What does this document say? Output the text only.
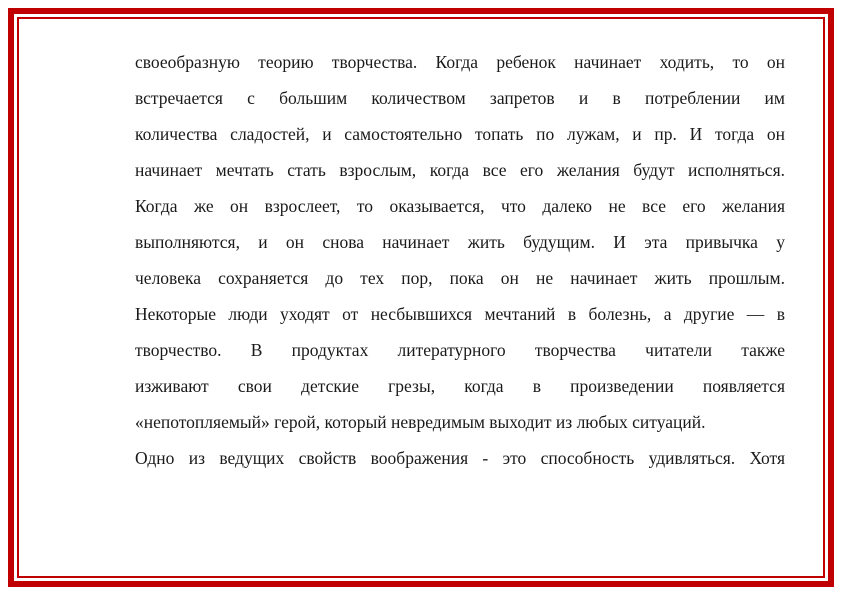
своеобразную теорию творчества. Когда ребенок начинает ходить, то он
встречается с большим количеством запретов и в потреблении им
количества сладостей, и самостоятельно топать по лужам, и пр. И тогда он
начинает мечтать стать взрослым, когда все его желания будут исполняться.
Когда же он взрослеет, то оказывается, что далеко не все его желания
выполняются, и он снова начинает жить будущим. И эта привычка у
человека сохраняется до тех пор, пока он не начинает жить прошлым.
Некоторые люди уходят от несбывшихся мечтаний в болезнь, а другие — в
творчество. В продуктах литературного творчества читатели также
изживают свои детские грезы, когда в произведении появляется
«непотопляемый» герой, который невредимым выходит из любых ситуаций.
Одно из ведущих свойств воображения - это способность удивляться. Хотя
